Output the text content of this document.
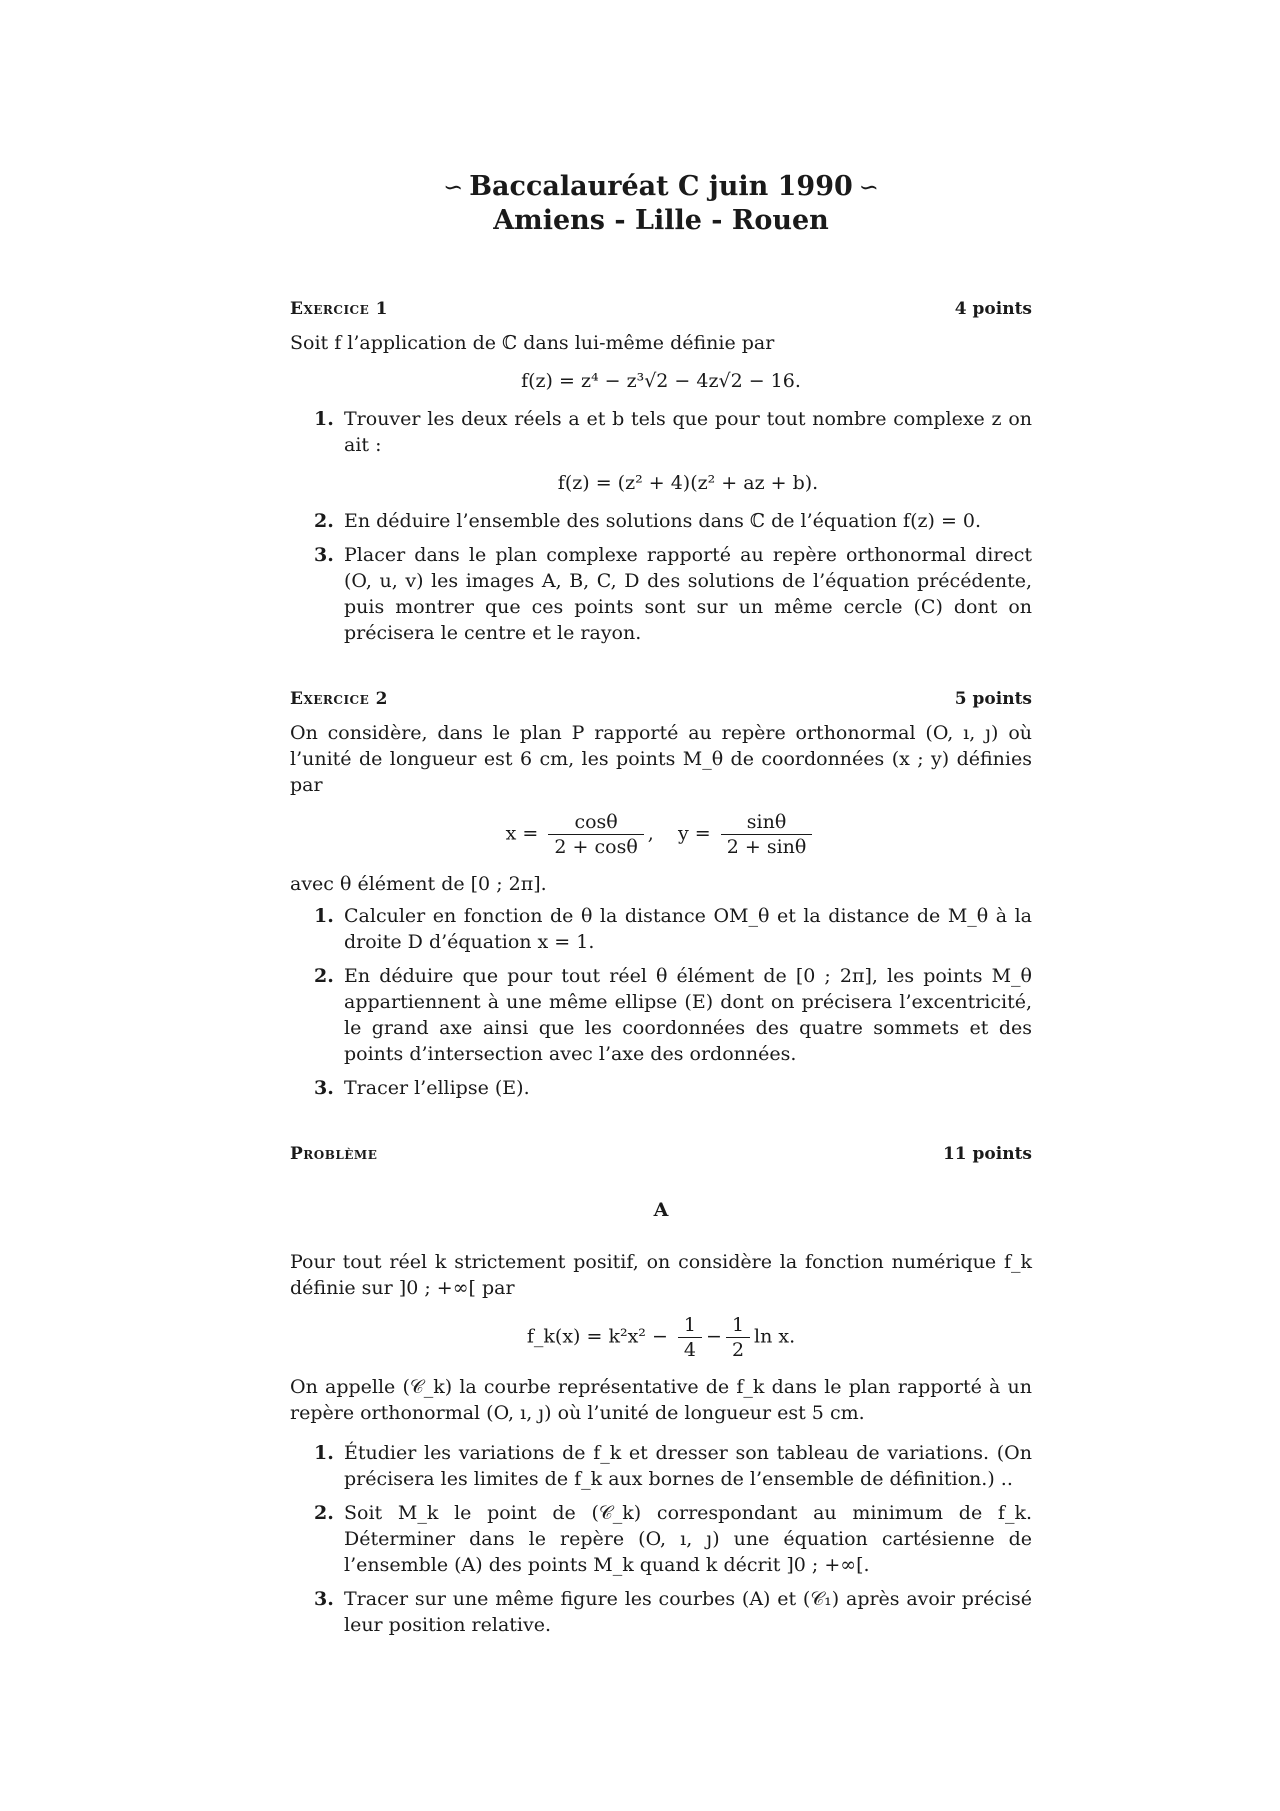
∽ Baccalauréat C juin 1990 ∽
Amiens - Lille - Rouen
Exercice 1	4 points

Soit f l’application de ℂ dans lui-même définie par

f(z) = z⁴ − z³√2 − 4z√2 − 16.
1. Trouver les deux réels a et b tels que pour tout nombre complexe z on ait :
f(z) = (z² + 4)(z² + az + b).
2. En déduire l’ensemble des solutions dans ℂ de l’équation f(z) = 0.
3. Placer dans le plan complexe rapporté au repère orthonormal direct (O, u, v) les images A, B, C, D des solutions de l’équation précédente, puis montrer que ces points sont sur un même cercle (C) dont on précisera le centre et le rayon.
Exercice 2	5 points

On considère, dans le plan P rapporté au repère orthonormal (O, ı, ȷ) où l’unité de longueur est 6 cm, les points M_θ de coordonnées (x ; y) définies par

$x = \frac{\cos\theta}{2 + \cos\theta}$ , $y = \frac{\sin\theta}{2 + \sin\theta}$

avec θ élément de [0 ; 2π].

1. Calculer en fonction de θ la distance OM_θ et la distance de M_θ à la droite D d’équation x = 1.
2. En déduire que pour tout réel θ élément de [0 ; 2π], les points M_θ appartiennent à une même ellipse (E) dont on précisera l’excentricité, le grand axe ainsi que les coordonnées des quatre sommets et des points d’intersection avec l’axe des ordonnées.
3. Tracer l’ellipse (E).
Problème	11 points
A

Pour tout réel k strictement positif, on considère la fonction numérique f_k définie sur ]0 ; +∞[ par

f_k(x) = $k^2x^2 - \frac{1}{4} - \frac{1}{2}$ ln x.

On appelle (𝒞_k) la courbe représentative de f_k dans le plan rapporté à un repère orthonormal (O, ı, ȷ) où l’unité de longueur est 5 cm.

1. Étudier les variations de f_k et dresser son tableau de variations. (On précisera les limites de f_k aux bornes de l’ensemble de définition.) ..
2. Soit M_k le point de (𝒞_k) correspondant au minimum de f_k. Déterminer dans le repère (O, ı, ȷ) une équation cartésienne de l’ensemble (A) des points M_k quand k décrit ]0 ; +∞[.
3. Tracer sur une même figure les courbes (A) et (𝒞₁) après avoir précisé leur position relative.
